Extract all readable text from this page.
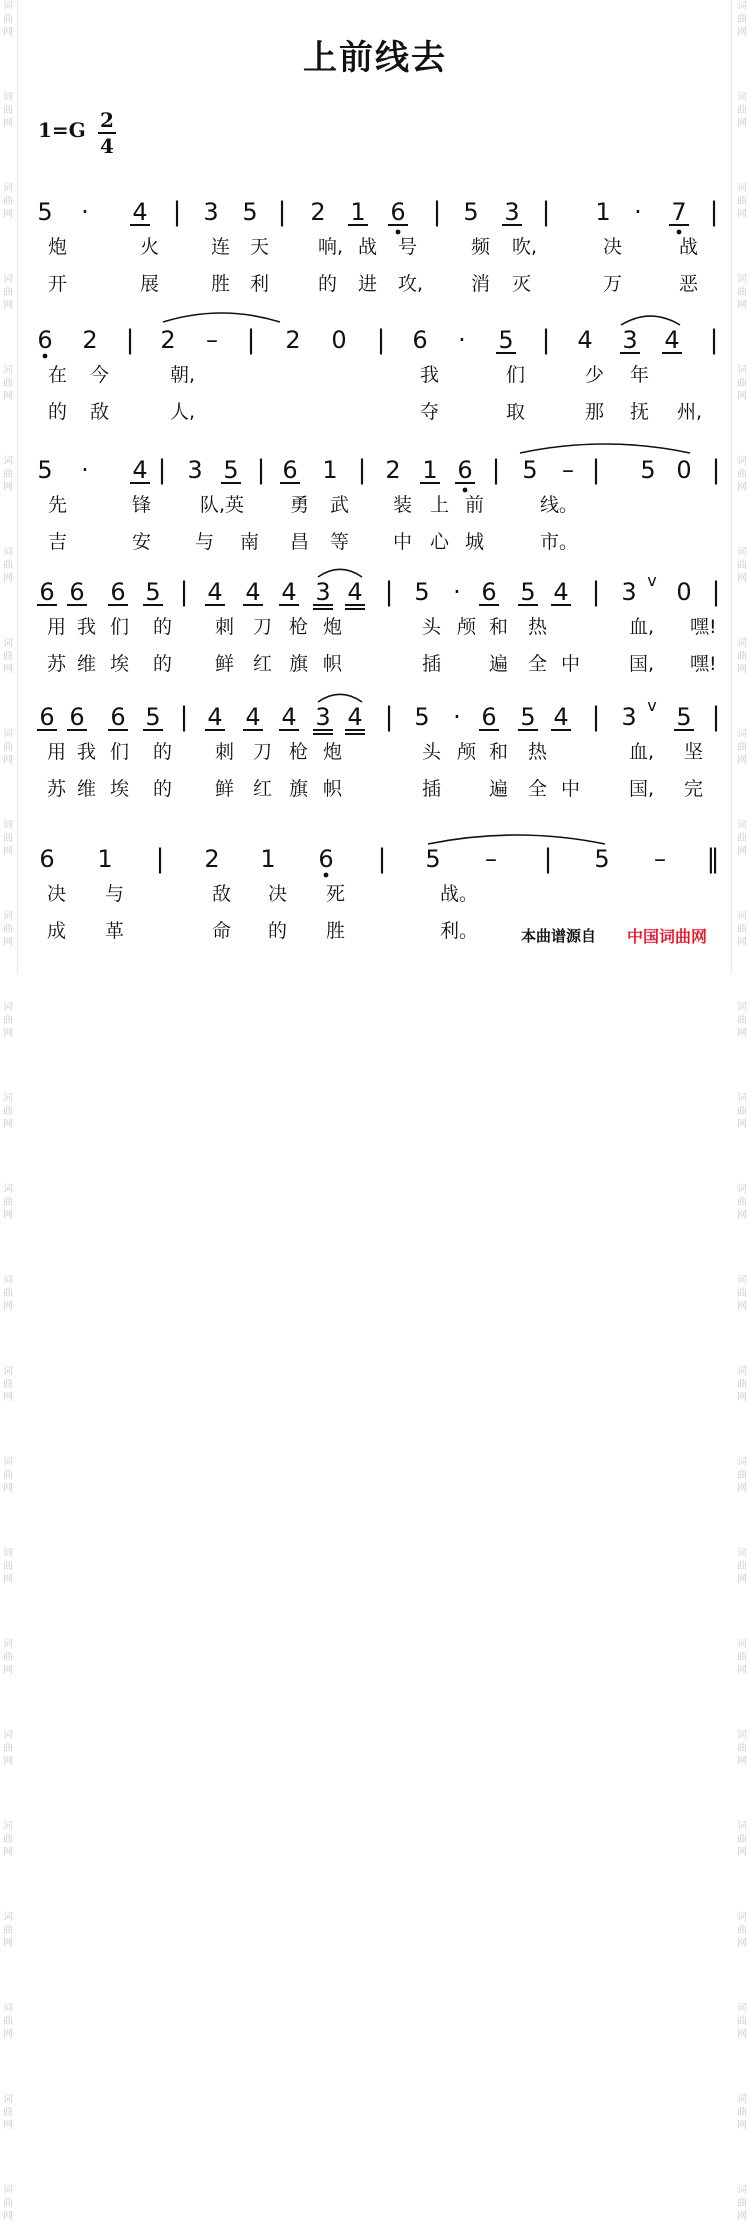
词
曲
网

词
曲
网

词
曲
网

词
曲
网

词
曲
网

词
曲
网

词
曲
网

词
曲
网

词
曲
网

词
曲
网

词
曲
网

词
曲
网

词
曲
网

词
曲
网

词
曲
网

词
曲
网

词
曲
网

词
曲
网

词
曲
网

词
曲
网

词
曲
网

词
曲
网

词
曲
网

词
曲
网

词
曲
网

词
曲
网

词
曲
网

词
曲
网

词
曲
网

词
曲
网

词
曲
网

词
曲
网

词
曲
网

词
曲
网

词
曲
网

词
曲
网

词
曲
网

词
曲
网

词
曲
网

词
曲
网

词
曲
网

词
曲
网

词
曲
网

词
曲
网

词
曲
网

词
曲
网

词
曲
网

词
曲
网

词
曲
网

词
曲
网

上前线去
1=G 2
4
5 · 4 | 3 5 | 2 1 6 | 5 3 | 1 · 7 |
炮	火	连 天	响, 战 号	频 吹,	决	战
开	展	胜 利	的 进 攻,	消 灭	万	恶
6 2 | 2 – | 2 0 | 6 · 5 | 4 3 4 |
在 今	朝,	我	们	少 年
的 敌	人,	夺	取	那 抚 州,
5 · 4 | 3 5 | 6 1 | 2 1 6 | 5 – | 5 0 |
先	锋	队,英 勇 武 装 上 前	线。
吉	安 与 南 昌 等 中 心 城	市。
6 6 6 5 | 4 4 4 3 4 | 5 · 6 5 4 | 3 v 0 |
用 我 们 的 刺 刀 枪 炮	头 颅 和 热	血, 嘿!
苏 维 埃 的 鲜 红 旗 帜	插	遍 全 中	国, 嘿!
6 6 6 5 | 4 4 4 3 4 | 5 · 6 5 4 | 3 v 5 |
用 我 们 的 刺 刀 枪 炮	头 颅 和 热	血, 坚
苏 维 埃 的 鲜 红 旗 帜	插	遍 全 中	国, 完
6 1 | 2 1 6 | 5 – | 5 – ‖
决 与	敌 决 死	战。
成 革	命 的 胜	利。	本曲谱源自 中国词曲网
